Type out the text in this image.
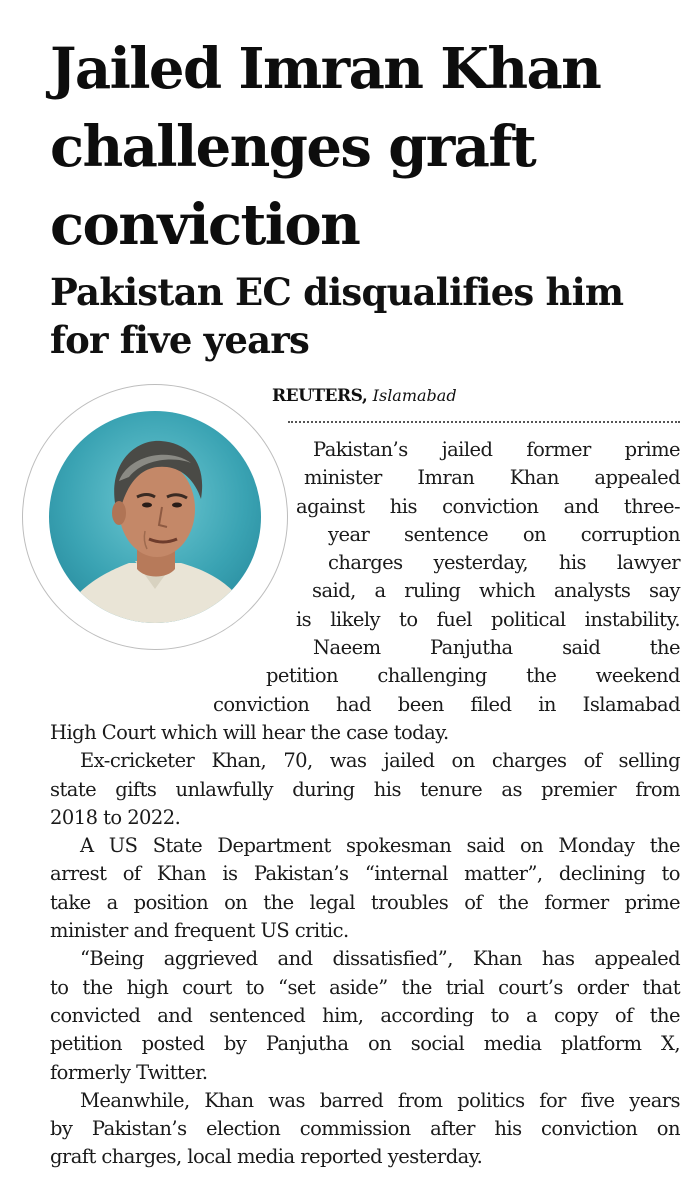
Jailed Imran Khan
challenges graft
conviction
Pakistan EC disqualifies him
for five years
REUTERS, Islamabad
Pakistan’s jailed former prime
minister Imran Khan appealed
against his conviction and three-
year sentence on corruption
charges yesterday, his lawyer
said, a ruling which analysts say
is likely to fuel political instability.
Naeem Panjutha said the
petition challenging the weekend
conviction had been filed in Islamabad
High Court which will hear the case today.
Ex-cricketer Khan, 70, was jailed on charges of selling
state gifts unlawfully during his tenure as premier from
2018 to 2022.
A US State Department spokesman said on Monday the
arrest of Khan is Pakistan’s “internal matter”, declining to
take a position on the legal troubles of the former prime
minister and frequent US critic.
“Being aggrieved and dissatisfied”, Khan has appealed
to the high court to “set aside” the trial court’s order that
convicted and sentenced him, according to a copy of the
petition posted by Panjutha on social media platform X,
formerly Twitter.
Meanwhile, Khan was barred from politics for five years
by Pakistan’s election commission after his conviction on
graft charges, local media reported yesterday.
